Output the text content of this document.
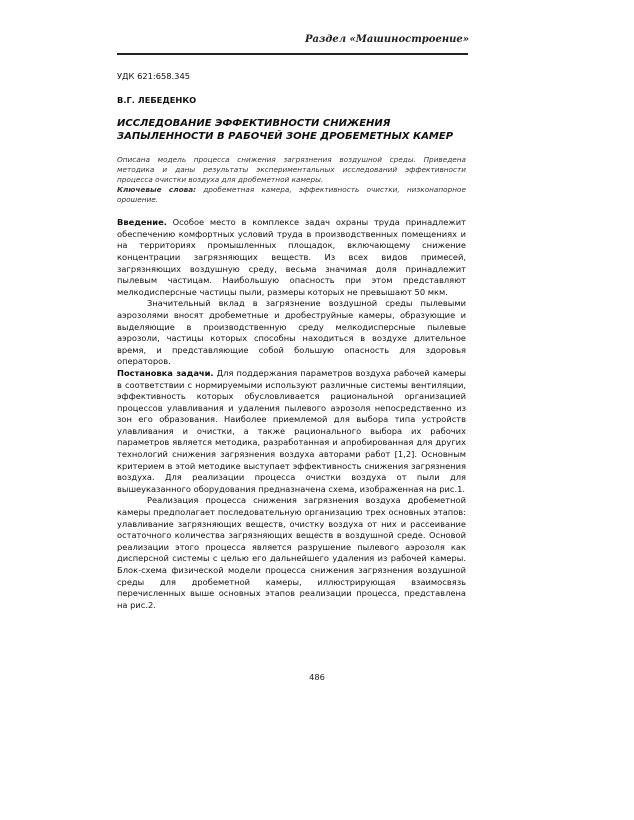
Раздел «Машиностроение»

УДК 621:658.345

В.Г. ЛЕБЕДЕНКО

ИССЛЕДОВАНИЕ ЭФФЕКТИВНОСТИ СНИЖЕНИЯ ЗАПЫЛЕННОСТИ В РАБОЧЕЙ ЗОНЕ ДРОБЕМЕТНЫХ КАМЕР

Описана модель процесса снижения загрязнения воздушной среды. Приведена методика и даны результаты экспериментальных исследований эффективности процесса очистки воздуха для дробеметной камеры.

Ключевые слова: дробеметная камера, эффективность очистки, низконапорное орошение.

Введение. Особое место в комплексе задач охраны труда принадлежит обеспечению комфортных условий труда в производственных помещениях и на территориях промышленных площадок, включающему снижение концентрации загрязняющих веществ. Из всех видов примесей, загрязняющих воздушную среду, весьма значимая доля принадлежит пылевым частицам. Наибольшую опасность при этом представляют мелкодисперсные частицы пыли, размеры которых не превышают 50 мкм.

Значительный вклад в загрязнение воздушной среды пылевыми аэрозолями вносят дробеметные и дробеструйные камеры, образующие и выделяющие в производственную среду мелкодисперсные пылевые аэрозоли, частицы которых способны находиться в воздухе длительное время, и представляющие собой большую опасность для здоровья операторов.

Постановка задачи. Для поддержания параметров воздуха рабочей камеры в соответствии с нормируемыми используют различные системы вентиляции, эффективность которых обусловливается рациональной организацией процессов улавливания и удаления пылевого аэрозоля непосредственно из зон его образования. Наиболее приемлемой для выбора типа устройств улавливания и очистки, а также рационального выбора их рабочих параметров является методика, разработанная и апробированная для других технологий снижения загрязнения воздуха авторами работ [1,2]. Основным критерием в этой методике выступает эффективность снижения загрязнения воздуха. Для реализации процесса очистки воздуха от пыли для вышеуказанного оборудования предназначена схема, изображенная на рис.1.

Реализация процесса снижения загрязнения воздуха дробеметной камеры предполагает последовательную организацию трех основных этапов: улавливание загрязняющих веществ, очистку воздуха от них и рассеивание остаточного количества загрязняющих веществ в воздушной среде. Основой реализации этого процесса является разрушение пылевого аэрозоля как дисперсной системы с целью его дальнейшего удаления из рабочей камеры. Блок-схема физической модели процесса снижения загрязнения воздушной среды для дробеметной камеры, иллюстрирующая взаимосвязь перечисленных выше основных этапов реализации процесса, представлена на рис.2.

486
